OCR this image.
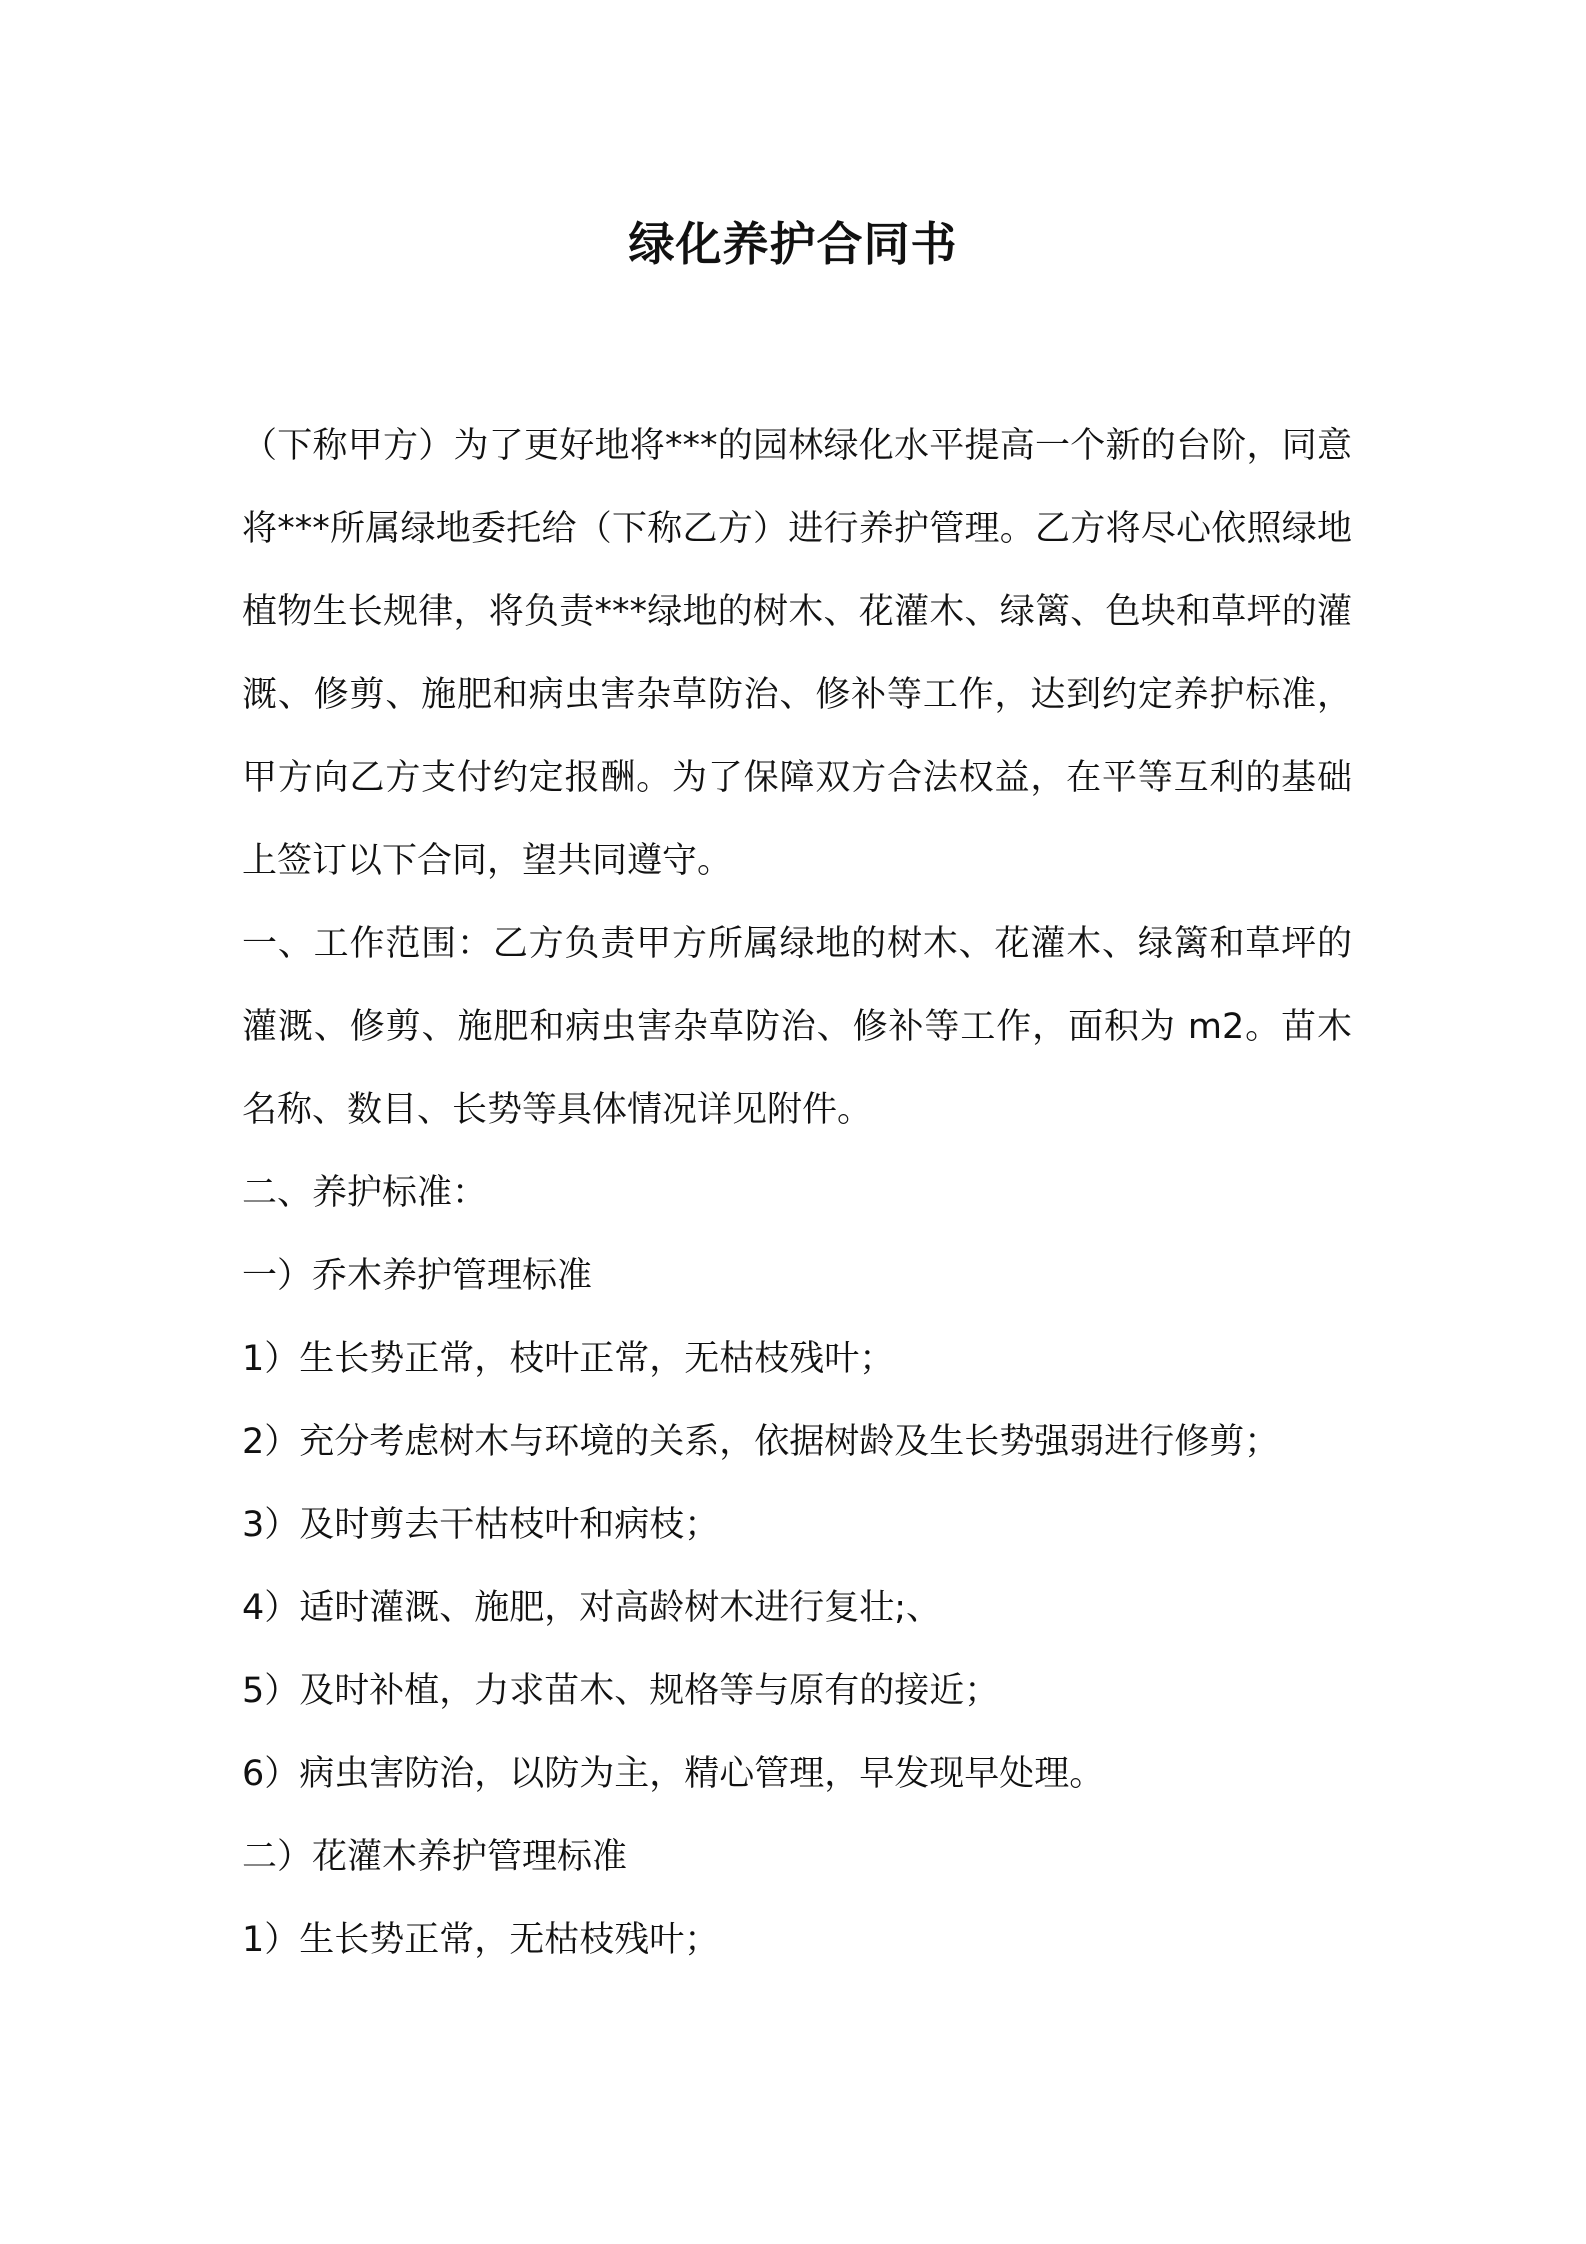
绿化养护合同书

（下称甲方）为了更好地将***的园林绿化水平提高一个新的台阶，同意将***所属绿地委托给（下称乙方）进行养护管理。乙方将尽心依照绿地植物生长规律，将负责***绿地的树木、花灌木、绿篱、色块和草坪的灌溉、修剪、施肥和病虫害杂草防治、修补等工作，达到约定养护标准，甲方向乙方支付约定报酬。为了保障双方合法权益，在平等互利的基础上签订以下合同，望共同遵守。

一、工作范围：乙方负责甲方所属绿地的树木、花灌木、绿篱和草坪的灌溉、修剪、施肥和病虫害杂草防治、修补等工作，面积为 m2。苗木名称、数目、长势等具体情况详见附件。

二、养护标准：

一）乔木养护管理标准

1）生长势正常，枝叶正常，无枯枝残叶；

2）充分考虑树木与环境的关系，依据树龄及生长势强弱进行修剪；

3）及时剪去干枯枝叶和病枝；

4）适时灌溉、施肥，对高龄树木进行复壮;、

5）及时补植，力求苗木、规格等与原有的接近；

6）病虫害防治，以防为主，精心管理，早发现早处理。

二）花灌木养护管理标准

1）生长势正常，无枯枝残叶；
